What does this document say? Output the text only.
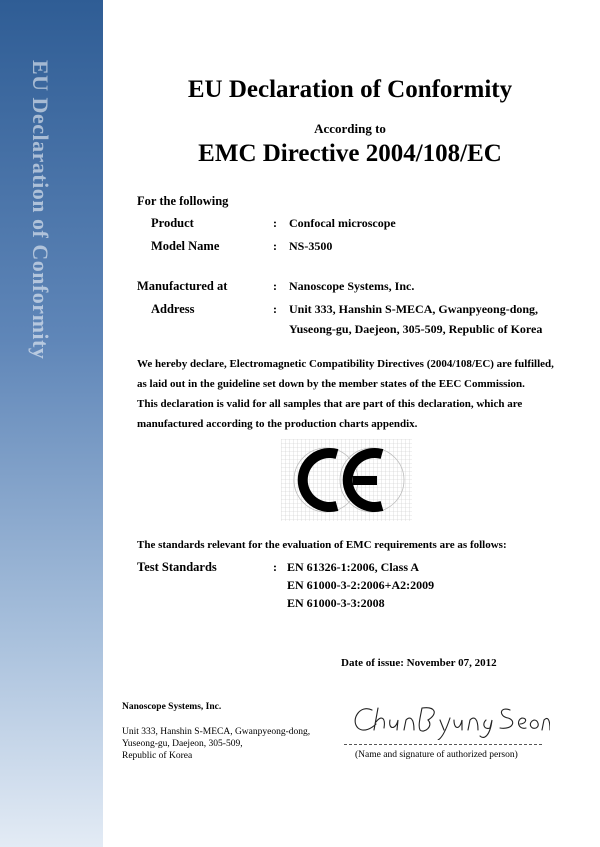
EU Declaration of Conformity	EU Declaration of Conformity
According to
EMC Directive 2004/108/EC
For the following
Product	: Confocal microscope
Model Name	: NS-3500
Manufactured at	: Nanoscope Systems, Inc.
Address	: Unit 333, Hanshin S-MECA, Gwanpyeong-dong,
Yuseong-gu, Daejeon, 305-509, Republic of Korea
We hereby declare, Electromagnetic Compatibility Directives (2004/108/EC) are fulfilled,
as laid out in the guideline set down by the member states of the EEC Commission.
This declaration is valid for all samples that are part of this declaration, which are
manufactured according to the production charts appendix.
The standards relevant for the evaluation of EMC requirements are as follows:
Test Standards	: EN 61326-1:2006, Class A
EN 61000-3-2:2006+A2:2009
EN 61000-3-3:2008
Date of issue: November 07, 2012
Nanoscope Systems, Inc.
Unit 333, Hanshin S-MECA, Gwanpyeong-dong,
Yuseong-gu, Daejeon, 305-509,
Republic of Korea	(Name and signature of authorized person)
